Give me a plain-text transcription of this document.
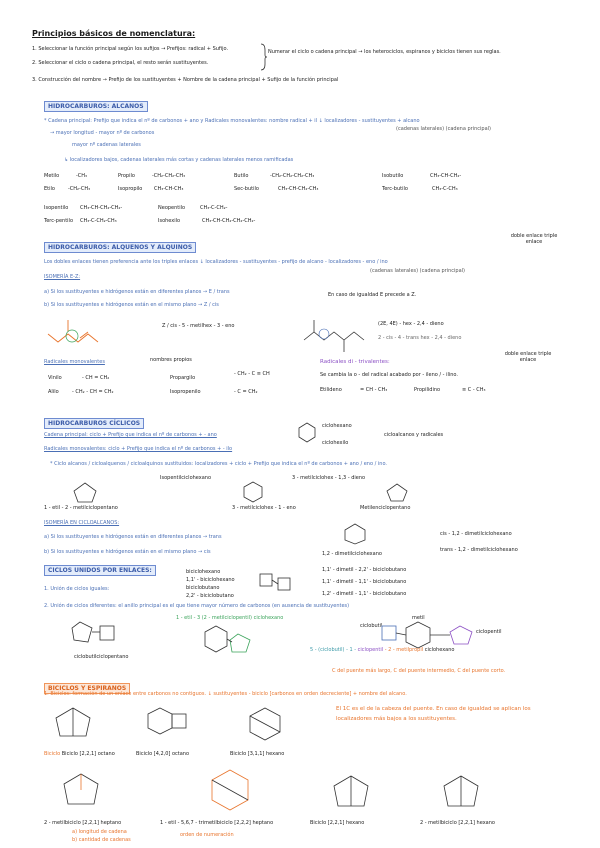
Principios básicos de nomenclatura:
1. Seleccionar la función principal según los sufijos → Prefijos: radical + Sufijo.
2. Seleccionar el ciclo o cadena principal, el resto serán sustituyentes.
3. Construcción del nombre → Prefijo de los sustituyentes + Nombre de la cadena principal + Sufijo de la función principal
Numerar el ciclo o cadena principal → los heterociclos, espiranos y biciclos tienen sus reglas.
HIDROCARBUROS: ALCANOS
* Cadena principal: Prefijo que indica el nº de carbonos + ano y Radicales monovalentes: nombre radical + il ↓ localizadores - sustituyentes + alcano
(cadenas laterales) (cadena principal)
→ mayor longitud - mayor nº de carbonos
mayor nº cadenas laterales
↳ localizadores bajos, cadenas laterales más cortas y cadenas laterales menos ramificadas
Metilo	-CH₃
Etilo	-CH₂-CH₃
Propilo	-CH₂-CH₂-CH₃
Isopropilo CH₃-CH-CH₃
Butilo	-CH₂-CH₂-CH₂-CH₃
Sec-butilo	CH₃-CH-CH₂-CH₃
Isobutilo	CH₃-CH-CH₂-
Terc-butilo	CH₃-C-CH₃
Isopentilo CH₃-CH-CH₂-CH₂-
Terc-pentilo CH₃-C-CH₂-CH₃
Neopentilo	CH₃-C-CH₂-
Isohexilo	CH₃-CH-CH₂-CH₂-CH₂-
doble enlace triple enlace
HIDROCARBUROS: ALQUENOS Y ALQUINOS
Los dobles enlaces tienen preferencia ante los triples enlaces ↓ localizadores - sustituyentes - prefijo de alcano - localizadores - eno / ino
(cadenas laterales) (cadena principal)
ISOMERÍA E-Z:
a) Si los sustituyentes e hidrógenos están en diferentes planos → E / trans	En caso de igualdad E precede a Z.
b) Si los sustituyentes e hidrógenos están en el mismo plano → Z / cis
Z / cis - 5 - metilhex - 3 - eno	(2E, 4E) - hex - 2,4 - dieno
2 - cis - 4 - trans hex - 2,4 - dieno
doble enlace triple enlace
Radicales monovalentes	nombres propios	Radicales di - trivalentes:
Se cambia la o - del radical acabado por - ileno / - ilino.
Vinilo	- CH = CH₂
Alilo	- CH₂ - CH = CH₂
Propargilo
- CH₂ - C ≡ CH
Isopropenilo	- C = CH₂	Etilideno	= CH - CH₃	Propilidino	≡ C - CH₃
HIDROCARBUROS CÍCLICOS
Cadena principal: ciclo + Prefijo que indica el nº de carbonos + - ano
Radicales monovalentes: ciclo + Prefijo que indica el nº de carbonos + - ilo
ciclohexano
ciclohexilo
cicloalcanos y radicales
* Ciclo alcanos / cicloalquenos / cicloalquinos sustituidos: localizadores + ciclo + Prefijo que indica el nº de carbonos + ano / eno / ino.
Isopentilciclohexano	3 - metilciclohex - 1,3 - dieno
1 - etil - 2 - metilciclopentano	3 - metilciclohex - 1 - eno	Metilenciclopentano
ISOMERÍA EN CICLOALCANOS:
a) Si los sustituyentes e hidrógenos están en diferentes planos → trans
b) Si los sustituyentes e hidrógenos están en el mismo plano → cis	1,2 - dimetilciclohexano
cis - 1,2 - dimetilciclohexano
trans - 1,2 - dimetilciclohexano
CICLOS UNIDOS POR ENLACES:
1. Unión de ciclos iguales:
biciclohexano
1,1' - biciclohexano
biciclobutano
2,2' - biciclobutano
1,1' - dimetil - 2,2' - biciclobutano
1,1' - dimetil - 1,1' - biciclobutano
1,2' - dimetil - 1,1' - biciclobutano
2. Unión de ciclos diferentes: el anillo principal es el que tiene mayor número de carbonos (en ausencia de sustituyentes)
1 - etil - 3 (2 - metilciclopentil) ciclohexano
ciclobutilciclopentano
ciclobutil
metil
ciclopentil
5 - (ciclobutil) - 1 - ciclopentil - 2 - metilpropil ciclohexano
C del puente más largo, C del puente intermedio, C del puente corto.
BICICLOS Y ESPIRANOS
1. Biciclos: formación de un enlace entre carbonos no contiguos. ↓ sustituyentes - biciclo [carbonos en orden decreciente] + nombre del alcano.
El 1C es el de la cabeza del puente. En caso de igualdad se aplican los localizadores más bajos a los sustituyentes.
Biciclo Biciclo [2,2,1] octano	Biciclo [4,2,0] octano	Biciclo [3,1,1] hexano
2 - metilbiciclo [2,2,1] heptano	1 - etil - 5,6,7 - trimetilbiciclo [2,2,2] heptano	Biciclo [2,2,1] hexano	2 - metilbiciclo [2,2,1] hexano
a) longitud de cadena
b) cantidad de cadenas
orden de numeración
